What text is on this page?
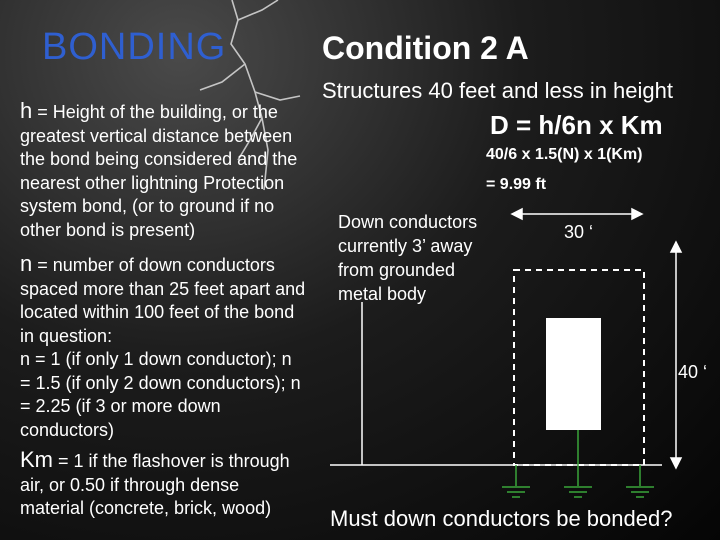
BONDING	Condition 2 A
Structures 40 feet and less in height
h = Height of the building, or the
greatest vertical distance between
the bond being considered and the
nearest other lightning Protection
system bond, (or to ground if no
other bond is present)
n = number of down conductors
spaced more than 25 feet apart and
located within 100 feet of the bond
in question:
n = 1 (if only 1 down conductor); n
= 1.5 (if only 2 down conductors); n
= 2.25 (if 3 or more down
conductors)
Km = 1 if the flashover is through
air, or 0.50 if through dense
material (concrete, brick, wood)
D = h/6n x Km
40/6 x 1.5(N) x 1(Km)
= 9.99 ft
Down conductors
currently 3’ away
from grounded
metal body
30 ‘
40 ‘
Must down conductors be bonded?
